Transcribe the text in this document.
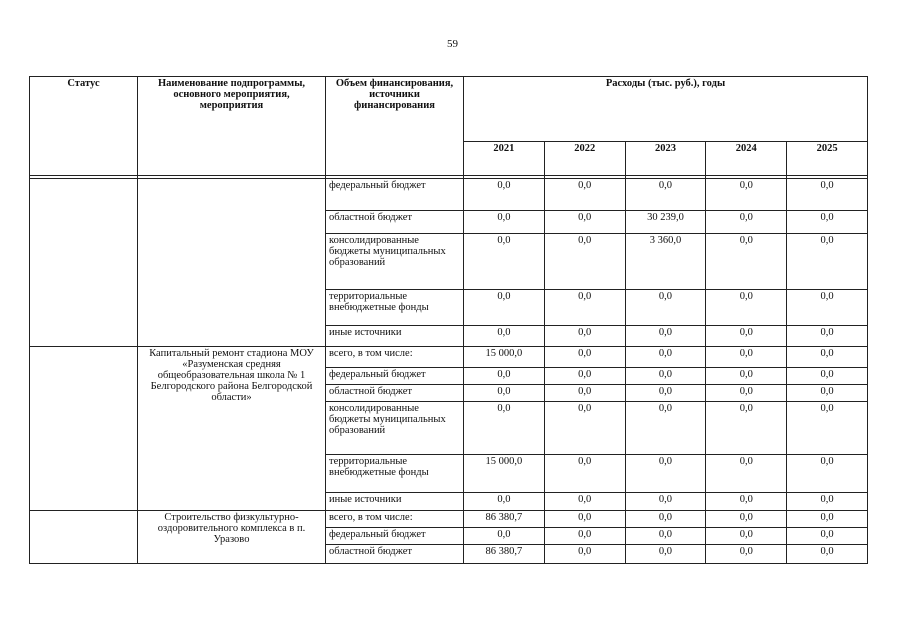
59
Статус	Наименование подпрограммы, основного мероприятия, мероприятия	Объем финансирования, источники финансирования	Расходы (тыс. руб.), годы				
			2021	2022	2023	2024	2025

		федеральный бюджет	0,0	0,0	0,0	0,0	0,0
		областной бюджет	0,0	0,0	30 239,0	0,0	0,0
		консолидированные бюджеты муниципальных образований	0,0	0,0	3 360,0	0,0	0,0
		территориальные внебюджетные фонды	0,0	0,0	0,0	0,0	0,0
		иные источники	0,0	0,0	0,0	0,0	0,0
	Капитальный ремонт стадиона МОУ «Разуменская средняя общеобразовательная школа № 1 Белгородского района Белгородской области»	всего, в том числе:	15 000,0	0,0	0,0	0,0	0,0
		федеральный бюджет	0,0	0,0	0,0	0,0	0,0
		областной бюджет	0,0	0,0	0,0	0,0	0,0
		консолидированные бюджеты муниципальных образований	0,0	0,0	0,0	0,0	0,0
		территориальные внебюджетные фонды	15 000,0	0,0	0,0	0,0	0,0
		иные источники	0,0	0,0	0,0	0,0	0,0
	Строительство физкультурно-оздоровительного комплекса в п. Уразово	всего, в том числе:	86 380,7	0,0	0,0	0,0	0,0
		федеральный бюджет	0,0	0,0	0,0	0,0	0,0
		областной бюджет	86 380,7	0,0	0,0	0,0	0,0
